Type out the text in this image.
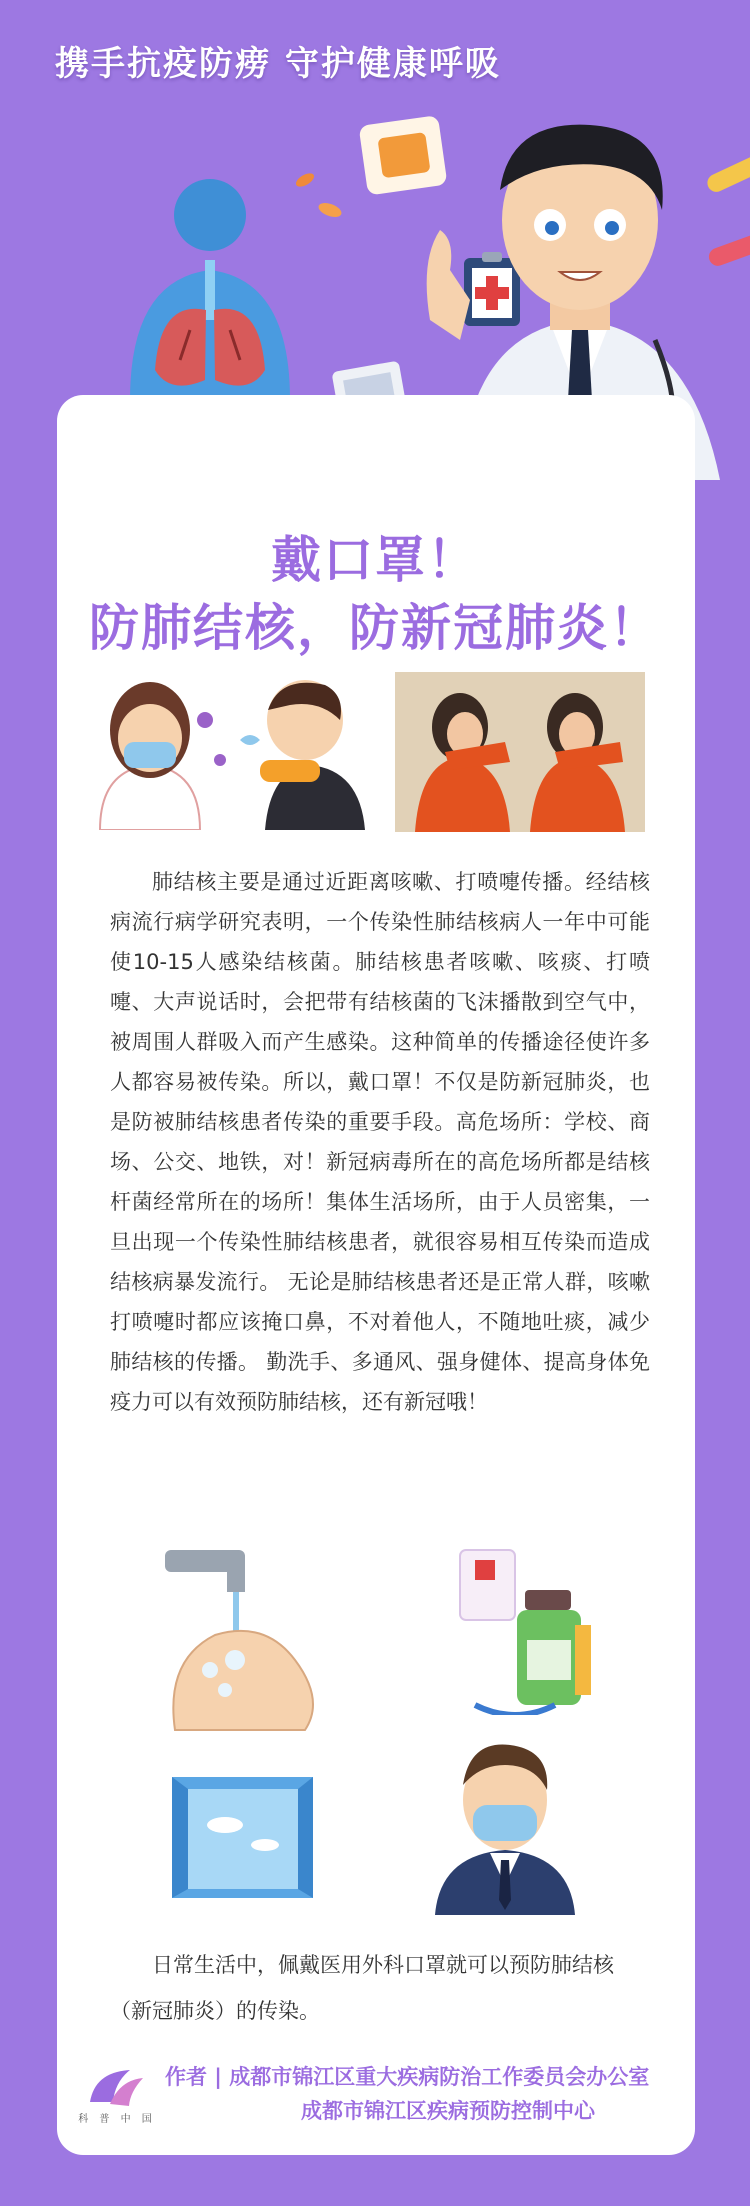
携手抗疫防痨 守护健康呼吸
戴口罩！
防肺结核，防新冠肺炎！

肺结核主要是通过近距离咳嗽、打喷嚏传播。经结核病流行病学研究表明，一个传染性肺结核病人一年中可能使10-15人感染结核菌。肺结核患者咳嗽、咳痰、打喷嚏、大声说话时，会把带有结核菌的飞沫播散到空气中，被周围人群吸入而产生感染。这种简单的传播途径使许多人都容易被传染。所以，戴口罩！不仅是防新冠肺炎，也是防被肺结核患者传染的重要手段。高危场所：学校、商场、公交、地铁，对！新冠病毒所在的高危场所都是结核杆菌经常所在的场所！集体生活场所，由于人员密集，一旦出现一个传染性肺结核患者，就很容易相互传染而造成结核病暴发流行。 无论是肺结核患者还是正常人群，咳嗽打喷嚏时都应该掩口鼻，不对着他人，不随地吐痰，减少肺结核的传播。 勤洗手、多通风、强身健体、提高身体免疫力可以有效预防肺结核，还有新冠哦！

日常生活中，佩戴医用外科口罩就可以预防肺结核（新冠肺炎）的传染。

科 普 中 国
作者 | 成都市锦江区重大疾病防治工作委员会办公室
成都市锦江区疾病预防控制中心
